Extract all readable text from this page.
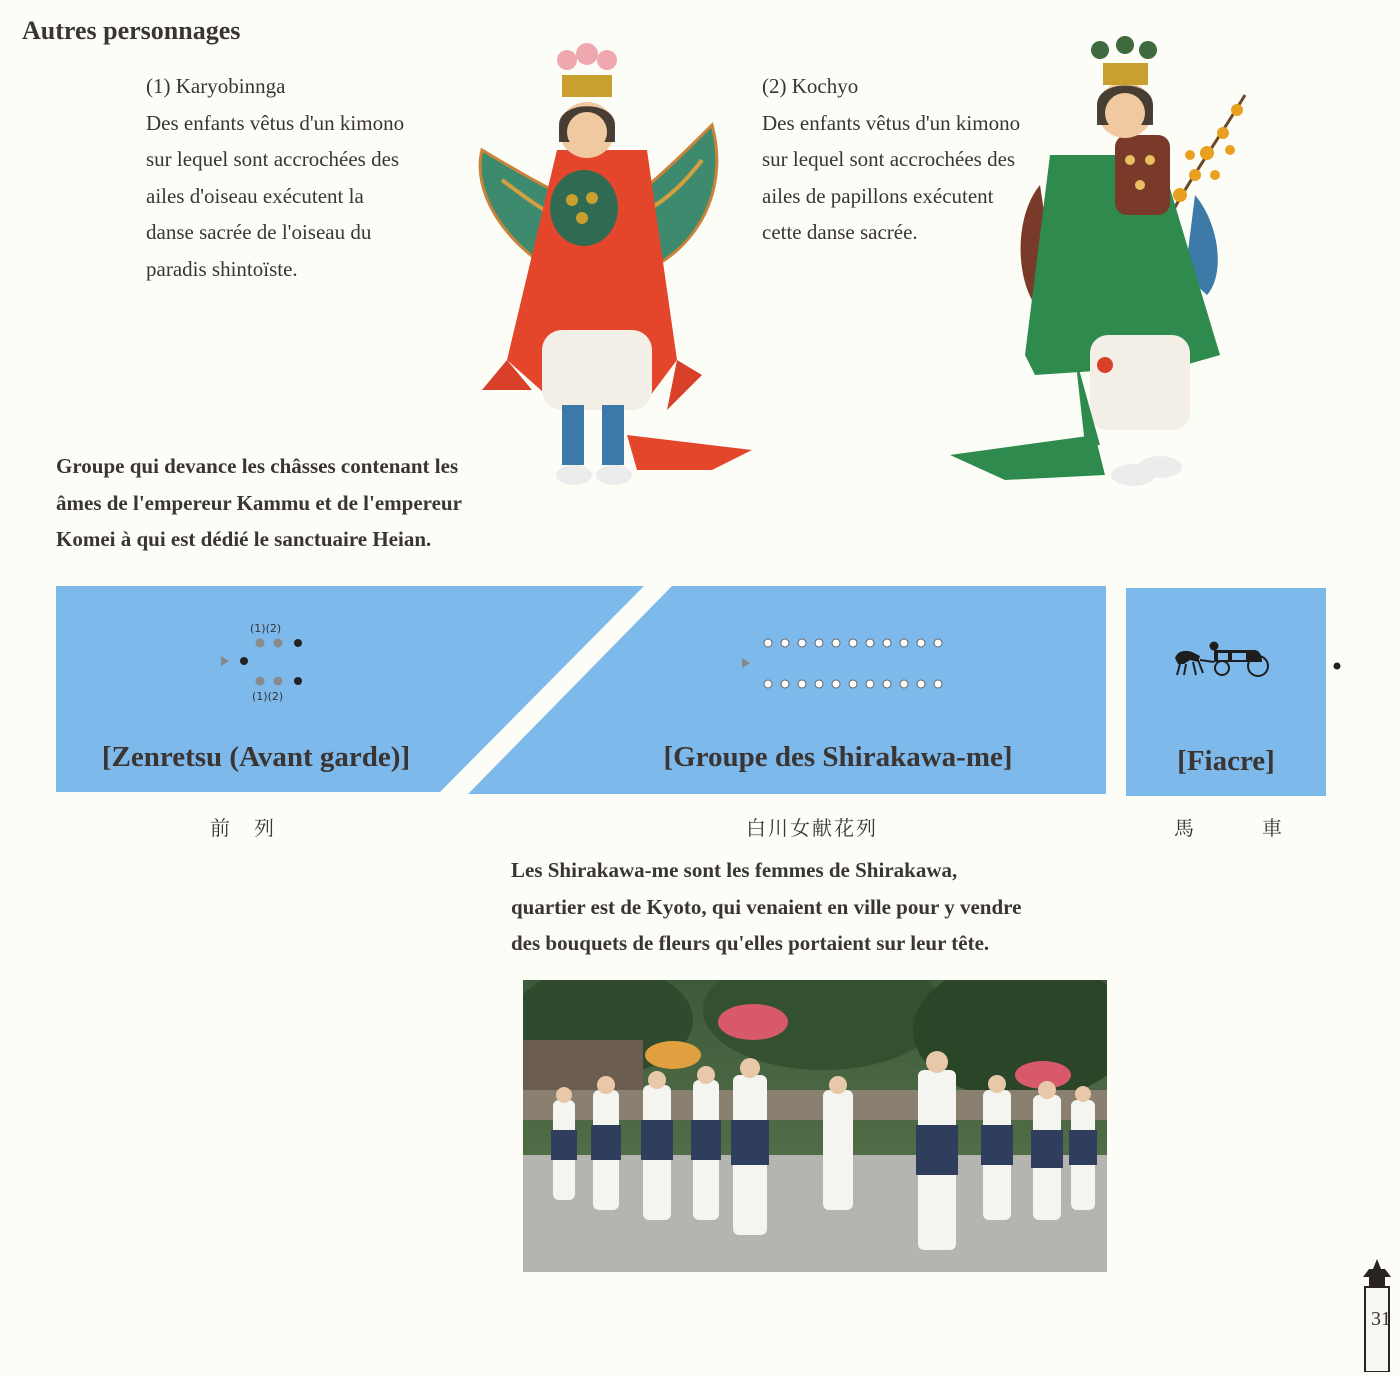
Autres personnages
(1) Karyobinnga
Des enfants vêtus d'un kimono
sur lequel sont accrochées des
ailes d'oiseau exécutent la
danse sacrée de l'oiseau du
paradis shintoïste.
(2) Kochyo
Des enfants vêtus d'un kimono
sur lequel sont accrochées des
ailes de papillons exécutent
cette danse sacrée.
Groupe qui devance les châsses contenant les
âmes de l'empereur Kammu et de l'empereur
Komei à qui est dédié le sanctuaire Heian.
(1)(2)
(1)(2)
[Zenretsu (Avant garde)]	[Groupe des Shirakawa-me]	[Fiacre]
前　列	白川女献花列	馬　　　車
Les Shirakawa-me sont les femmes de Shirakawa,
quartier est de Kyoto, qui venaient en ville pour y vendre
des bouquets de fleurs qu'elles portaient sur leur tête.
31
